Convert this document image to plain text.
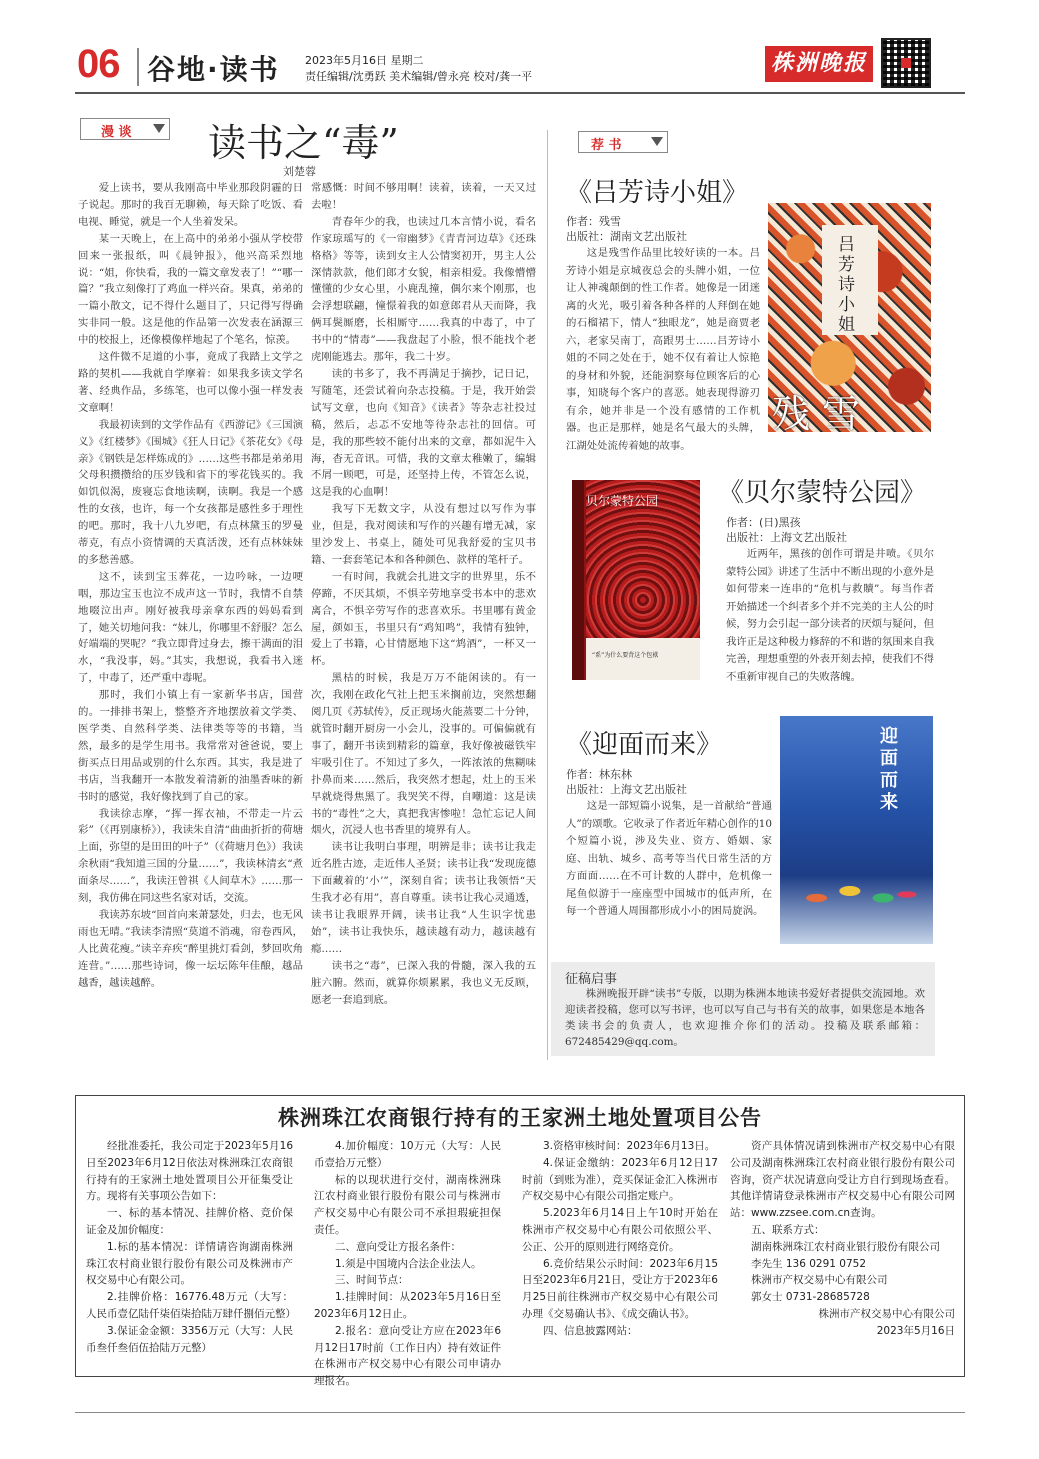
06 谷地·读书 2023年5月16日 星期二
责任编辑/沈勇跃 美术编辑/曾永亮 校对/龚一平
株洲晚报
漫 谈 读书之“毒”
刘楚蓉

爱上读书，要从我刚高中毕业那段阴霾的日子说起。那时的我百无聊赖，每天除了吃饭、看电视、睡觉，就是一个人坐着发呆。

某一天晚上，在上高中的弟弟小强从学校带回来一张报纸，叫《晨钟报》，他兴高采烈地说：“姐，你快看，我的一篇文章发表了！”“哪一篇？”我立刻像打了鸡血一样兴奋。果真，弟弟的一篇小散文，记不得什么题目了，只记得写得确实非同一般。这是他的作品第一次发表在涵源三中的校报上，还像模像样地起了个笔名，惊羡。

这件微不足道的小事，竟成了我踏上文学之路的契机——我就自学摩着：如果我多读文学名著、经典作品，多练笔，也可以像小强一样发表文章啊！

我最初读到的文学作品有《西游记》《三国演义》《红楼梦》《围城》《狂人日记》《茶花女》《母亲》《钢铁是怎样炼成的》……这些书都是弟弟用父母积攒攒给的压岁钱和省下的零花钱买的。我如饥似渴，废寝忘食地读啊，读啊。我是一个感性的女孩，也许，每一个女孩都是感性多于理性的吧。那时，我十八九岁吧，有点林黛玉的罗曼蒂克，有点小资情调的天真活泼，还有点林妹妹的多愁善感。

这不，读到宝玉葬花，一边吟咏，一边哽咽，那边宝玉也泣不成声这一节时，我情不自禁地啜泣出声。刚好被我母亲拿东西的妈妈看到了，她关切地问我：“妹儿，你哪里不舒服？怎么好端端的哭呢？”我立即背过身去，擦干满面的泪水，“我没事，妈。”其实，我想说，我看书入迷了，中毒了，还严重中毒呢。

那时，我们小镇上有一家新华书店，国营的。一排排书架上，整整齐齐地摆放着文学类、医学类、自然科学类、法律类等等的书籍，当然，最多的是学生用书。我常常对爸爸说，要上街买点日用品或别的什么东西。其实，我是进了书店，当我翻开一本散发着清新的油墨香味的新书时的感觉，我好像找到了自己的家。

我读徐志摩，“挥一挥衣袖，不带走一片云彩”（《再别康桥》），我读朱自清“曲曲折折的荷塘上面，弥望的是田田的叶子”（《荷塘月色》）我读余秋雨“我知道三国的分量……”，我读林清玄“煮面条尽……”，我读汪曾祺《人间草木》……那一刻，我仿佛在同这些名家对话，交流。

我读苏东坡“回首向来萧瑟处，归去，也无风雨也无晴。”我读李清照“莫道不消魂，帘卷西风，人比黄花瘦。”读辛弃疾“醉里挑灯看剑，梦回吹角连营。”……那些诗词，像一坛坛陈年佳酿，越品越香，越读越醉。

常感慨：时间不够用啊！读着，读着，一天又过去啦！

青春年少的我，也读过几本言情小说，看名作家琼瑶写的《一帘幽梦》《青青河边草》《还珠格格》等等，读到女主人公情窦初开，男主人公深情款款，他们郎才女貌，相亲相爱。我像懵懵懂懂的少女心里，小鹿乱撞，偶尔来个刚那，也会浮想联翩，憧憬着我的如意郎君从天而降，我俩耳鬓厮磨，长相厮守……我真的中毒了，中了书中的“情毒”——我盘起了小脸，恨不能找个老虎刚能逃去。那年，我二十岁。

读的书多了，我不再满足于摘抄，记日记，写随笔，还尝试着向杂志投稿。于是，我开始尝试写文章，也向《知音》《读者》等杂志社投过稿，然后，忐忑不安地等待杂志社的回信。可是，我的那些较不能付出来的文章，都如泥牛入海，杳无音讯。可惜，我的文章太稚嫩了，编辑不屑一顾吧，可是，还坚持上传，不管怎么说，这是我的心血啊！

我写下无数文字，从没有想过以写作为事业，但是，我对阅读和写作的兴趣有增无减，家里沙发上、书桌上，随处可见我舒爱的宝贝书籍、一套套笔记本和各种颜色、款样的笔杆子。

一有时间，我就会扎进文字的世界里，乐不停蹄，不厌其烦，不惧辛劳地享受书本中的悲欢离合，不惧辛劳写作的悲喜欢乐。书里哪有黄金屋，颜如玉，书里只有“鸡知鸣”，我情有独钟，爱上了书籍，心甘情愿地下这“鸩酒”，一杯又一杯。

黑枯的时候，我是万万不能闲读的。有一次，我刚在政化气社上把玉米搁前边，突然想翻阅几页《苏轼传》，反正现场火能蒸要二十分钟，就管时翻开厨房一小会儿，没事的。可偏偏就有事了，翻开书读到精彩的篇章，我好像被磁铁牢牢吸引住了。不知过了多久，一阵浓浓的焦糊味扑鼻而来……然后，我突然才想起，灶上的玉米早就烧得焦黑了。我哭笑不得，自嘲道：这是读书的“毒性”之大，真把我害惨啦！急忙忘记人间烟火，沉浸人也书香里的境界有人。

读书让我明白事理，明辨是非；读书让我走近名胜古迹，走近伟人圣贤；读书让我“发现庞德下面藏着的‘小’”，深刻自省；读书让我领悟“天生我才必有用”，喜自尊重。读书让我心灵通透，读书让我眼界开阔，读书让我“人生识字忧患始”，读书让我快乐，越读越有动力，越读越有瘾……

读书之“毒”，已深入我的骨髓，深入我的五脏六腑。然而，就算你烦累累，我也义无反顾，愿老一套追到底。

荐 书
《吕芳诗小姐》
作者：残雪
出版社：湖南文艺出版社

这是残雪作品里比较好读的一本。吕芳诗小姐是京城夜总会的头牌小姐，一位让人神魂颠倒的性工作者。她像是一团迷离的火光，吸引着各种各样的人拜倒在她的石榴裙下，情人“独眼龙”，她是商贾老六，老家吴南丁，高跟男士……吕芳诗小姐的不同之处在于，她不仅有着让人惊艳的身材和外貌，还能洞察每位顾客后的心事，知晓每个客户的喜恶。她表现得游刃有余，她并非是一个没有感情的工作机器。也正是那样，她是名气最大的头牌，江湖处处流传着她的故事。

吕芳诗小姐
残 雪
贝尔蒙特公园
“系”为什么要背这个包袱
《贝尔蒙特公园》
作者：(日)黑孩
出版社：上海文艺出版社

近两年，黑孩的创作可谓是井喷。《贝尔蒙特公园》讲述了生活中不断出现的小意外是如何带来一连串的“危机与救贖”。每当作者开始描述一个纠者多个并不完美的主人公的时候，努力会引起一部分读者的厌烦与疑问，但我许正是这种极力修辞的不和谐的氛围来自我完善，理想重塑的外表开刻去掉，使我们不得不重新审视自己的失败落魄。

《迎面而来》
作者：林东林
出版社：上海文艺出版社

这是一部短篇小说集，是一首献给“普通人”的颂歌。它收录了作者近年精心创作的10个短篇小说，涉及失业、资方、婚姻、家庭、出轨、城乡、高考等当代日常生活的方方面面……在不可计数的人群中，危机像一尾鱼似游于一座座型中国城市的低声所，在每一个普通人周围都形成小小的困局旋涡。

迎面而来
征稿启事

株洲晚报开辟“读书”专版，以期为株洲本地读书爱好者提供交流园地。欢迎读者投稿，您可以写书评，也可以写自己与书有关的故事，如果您是本地各类读书会的负责人，也欢迎推介你们的活动。投稿及联系邮箱：672485429@qq.com。

株洲珠江农商银行持有的王家洲土地处置项目公告

经批准委托，我公司定于2023年5月16日至2023年6月12日依法对株洲珠江农商银行持有的王家洲土地处置项目公开征集受让方。现将有关事项公告如下：

一、标的基本情况、挂牌价格、竞价保证金及加价幅度：

1.标的基本情况：详情请咨询湖南株洲珠江农村商业银行股份有限公司及株洲市产权交易中心有限公司。

2.挂牌价格：16776.48万元（大写：人民币壹亿陆仟柒佰柒拾陆万肆仟捌佰元整）

3.保证金金额：3356万元（大写：人民币叁仟叁佰伍拾陆万元整）

4.加价幅度：10万元（大写：人民币壹拾万元整）

标的以现状进行交付，湖南株洲珠江农村商业银行股份有限公司与株洲市产权交易中心有限公司不承担瑕疵担保责任。

二、意向受让方报名条件：

1.须是中国境内合法企业法人。

三、时间节点：

1.挂牌时间：从2023年5月16日至2023年6月12日止。

2.报名：意向受让方应在2023年6月12日17时前（工作日内）持有效证件在株洲市产权交易中心有限公司申请办理报名。

3.资格审核时间：2023年6月13日。

4.保证金缴纳：2023年6月12日17时前（到账为准），竞买保证金汇入株洲市产权交易中心有限公司指定账户。

5.2023年6月14日上午10时开始在株洲市产权交易中心有限公司依照公平、公正、公开的原则进行网络竞价。

6.竞价结果公示时间：2023年6月15日至2023年6月21日，受让方于2023年6月25日前往株洲市产权交易中心有限公司办理《交易确认书》、《成交确认书》。

四、信息披露网站：

资产具体情况请到株洲市产权交易中心有限公司及湖南株洲珠江农村商业银行股份有限公司咨询，资产状况请意向受让方自行到现场查看。其他详情请登录株洲市产权交易中心有限公司网站：www.zzsee.com.cn查询。

五、联系方式：

湖南株洲珠江农村商业银行股份有限公司

李先生 136 0291 0752

株洲市产权交易中心有限公司

郭女士 0731-28685728

株洲市产权交易中心有限公司

2023年5月16日
